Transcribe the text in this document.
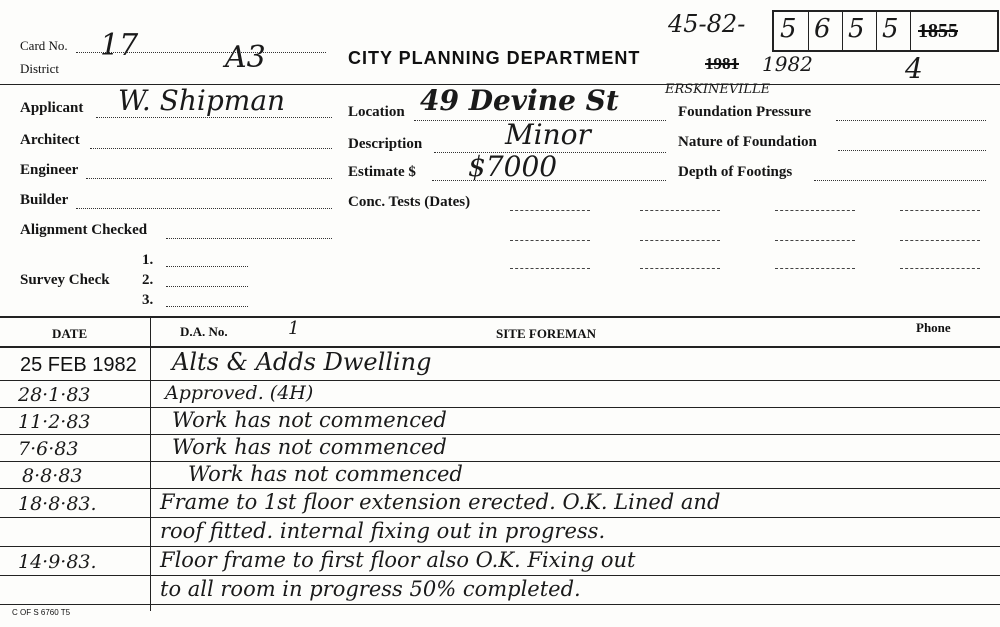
Card No. 17
District	A3	CITY PLANNING DEPARTMENT
45-82- 5 6 5 5 1855
1981 1982	4
Applicant W. Shipman
Architect
Engineer
Builder
Alignment Checked
Survey Check
1.
2.
3.
Location 49 Devine St	ERSKINEVILLE
Description	Minor
Estimate $ $7000
Conc. Tests (Dates)
Foundation Pressure
Nature of Foundation
Depth of Footings
DATE	D.A. No.	1	SITE FOREMAN	Phone
25 FEB 1982 Alts & Adds Dwelling
28·1·83	Approved. (4H)
11·2·83	Work has not commenced
7·6·83	Work has not commenced
8·8·83	Work has not commenced
18·8·83.	Frame to 1st floor extension erected. O.K. Lined and
roof fitted. internal fixing out in progress.
14·9·83.	Floor frame to first floor also O.K. Fixing out
to all room in progress 50% completed.
C OF S 6760 T5
